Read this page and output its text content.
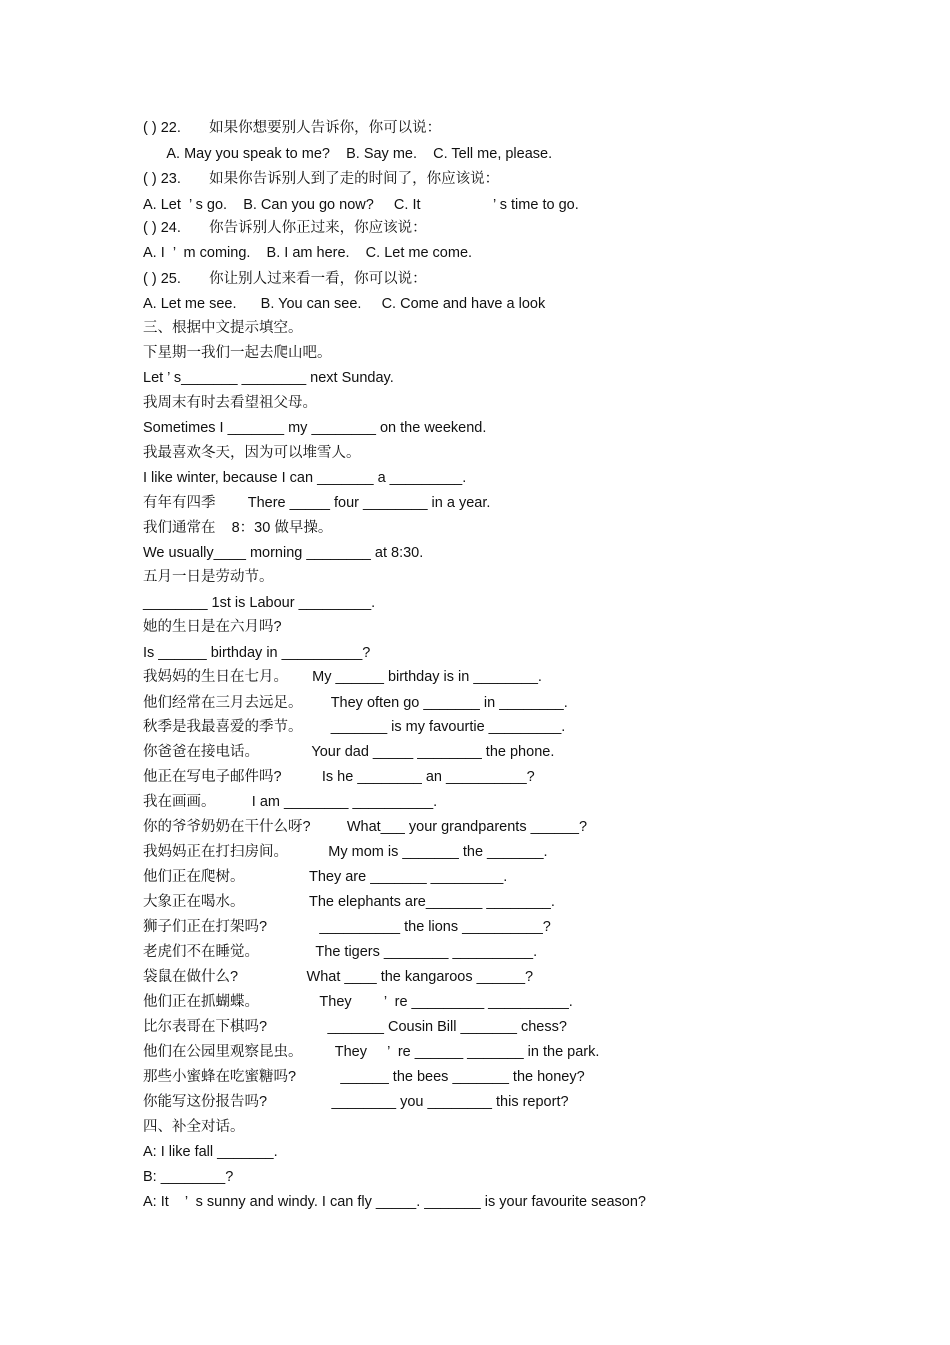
( ) 22.       如果你想要别人告诉你，你可以说：
A. May you speak to me?    B. Say me.    C. Tell me, please.
( ) 23.       如果你告诉别人到了走的时间了，你应该说：
A. Let  ’ s go.    B. Can you go now?     C. It                  ’ s time to go.
( ) 24.       你告诉别人你正过来，你应该说：
A. I  ’  m coming.    B. I am here.    C. Let me come.
( ) 25.       你让别人过来看一看，你可以说：
A. Let me see.      B. You can see.     C. Come and have a look
三、根据中文提示填空。
下星期一我们一起去爬山吧。
Let ’ s_______ ________ next Sunday.
我周末有时去看望祖父母。
Sometimes I _______ my ________ on the weekend.
我最喜欢冬天，因为可以堆雪人。
I like winter, because I can _______ a _________.
有年有四季        There _____ four ________ in a year.
我们通常在    8：30 做早操。
We usually____ morning ________ at 8:30.
五月一日是劳动节。
________ 1st is Labour _________.
她的生日是在六月吗?
Is ______ birthday in __________?
我妈妈的生日在七月。      My ______ birthday is in ________.
他们经常在三月去远足。       They often go _______ in ________.
秋季是我最喜爱的季节。       _______ is my favourtie _________.
你爸爸在接电话。             Your dad _____ ________ the phone.
他正在写电子邮件吗?          Is he ________ an __________?
我在画画。         I am ________ __________.
你的爷爷奶奶在干什么呀?         What___ your grandparents ______?
我妈妈正在打扫房间。          My mom is _______ the _______.
他们正在爬树。                They are _______ _________.
大象正在喝水。                The elephants are_______ ________.
狮子们正在打架吗?             __________ the lions __________?
老虎们不在睡觉。              The tigers ________ __________.
袋鼠在做什么?                 What ____ the kangaroos ______?
他们正在抓蝴蝶。               They        ’  re _________ __________.
比尔表哥在下棋吗?               _______ Cousin Bill _______ chess?
他们在公园里观察昆虫。        They     ’  re ______ _______ in the park.
那些小蜜蜂在吃蜜糖吗?           ______ the bees _______ the honey?
你能写这份报告吗?                ________ you ________ this report?
四、补全对话。
A: I like fall _______.
B: ________?
A: It    ’  s sunny and windy. I can fly _____. _______ is your favourite season?
